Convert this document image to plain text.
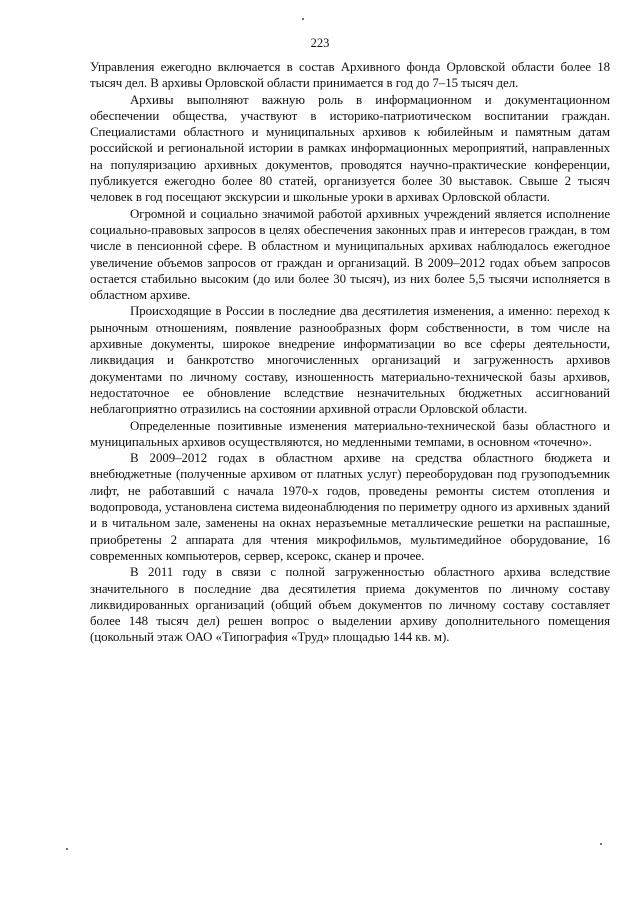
223

Управления ежегодно включается в состав Архивного фонда Орловской области более 18 тысяч дел. В архивы Орловской области принимается в год до 7–15 тысяч дел.

Архивы выполняют важную роль в информационном и документационном обеспечении общества, участвуют в историко-патриотическом воспитании граждан. Специалистами областного и муниципальных архивов к юбилейным и памятным датам российской и региональной истории в рамках информационных мероприятий, направленных на популяризацию архивных документов, проводятся научно-практические конференции, публикуется ежегодно более 80 статей, организуется более 30 выставок. Свыше 2 тысяч человек в год посещают экскурсии и школьные уроки в архивах Орловской области.

Огромной и социально значимой работой архивных учреждений является исполнение социально-правовых запросов в целях обеспечения законных прав и интересов граждан, в том числе в пенсионной сфере. В областном и муниципальных архивах наблюдалось ежегодное увеличение объемов запросов от граждан и организаций. В 2009–2012 годах объем запросов остается стабильно высоким (до или более 30 тысяч), из них более 5,5 тысячи исполняется в областном архиве.

Происходящие в России в последние два десятилетия изменения, а именно: переход к рыночным отношениям, появление разнообразных форм собственности, в том числе на архивные документы, широкое внедрение информатизации во все сферы деятельности, ликвидация и банкротство многочисленных организаций и загруженность архивов документами по личному составу, изношенность материально-технической базы архивов, недостаточное ее обновление вследствие незначительных бюджетных ассигнований неблагоприятно отразились на состоянии архивной отрасли Орловской области.

Определенные позитивные изменения материально-технической базы областного и муниципальных архивов осуществляются, но медленными темпами, в основном «точечно».

В 2009–2012 годах в областном архиве на средства областного бюджета и внебюджетные (полученные архивом от платных услуг) переоборудован под грузоподъемник лифт, не работавший с начала 1970-х годов, проведены ремонты систем отопления и водопровода, установлена система видеонаблюдения по периметру одного из архивных зданий и в читальном зале, заменены на окнах неразъемные металлические решетки на распашные, приобретены 2 аппарата для чтения микрофильмов, мультимедийное оборудование, 16 современных компьютеров, сервер, ксерокс, сканер и прочее.

В 2011 году в связи с полной загруженностью областного архива вследствие значительного в последние два десятилетия приема документов по личному составу ликвидированных организаций (общий объем документов по личному составу составляет более 148 тысяч дел) решен вопрос о выделении архиву дополнительного помещения (цокольный этаж ОАО «Типография «Труд» площадью 144 кв. м).
